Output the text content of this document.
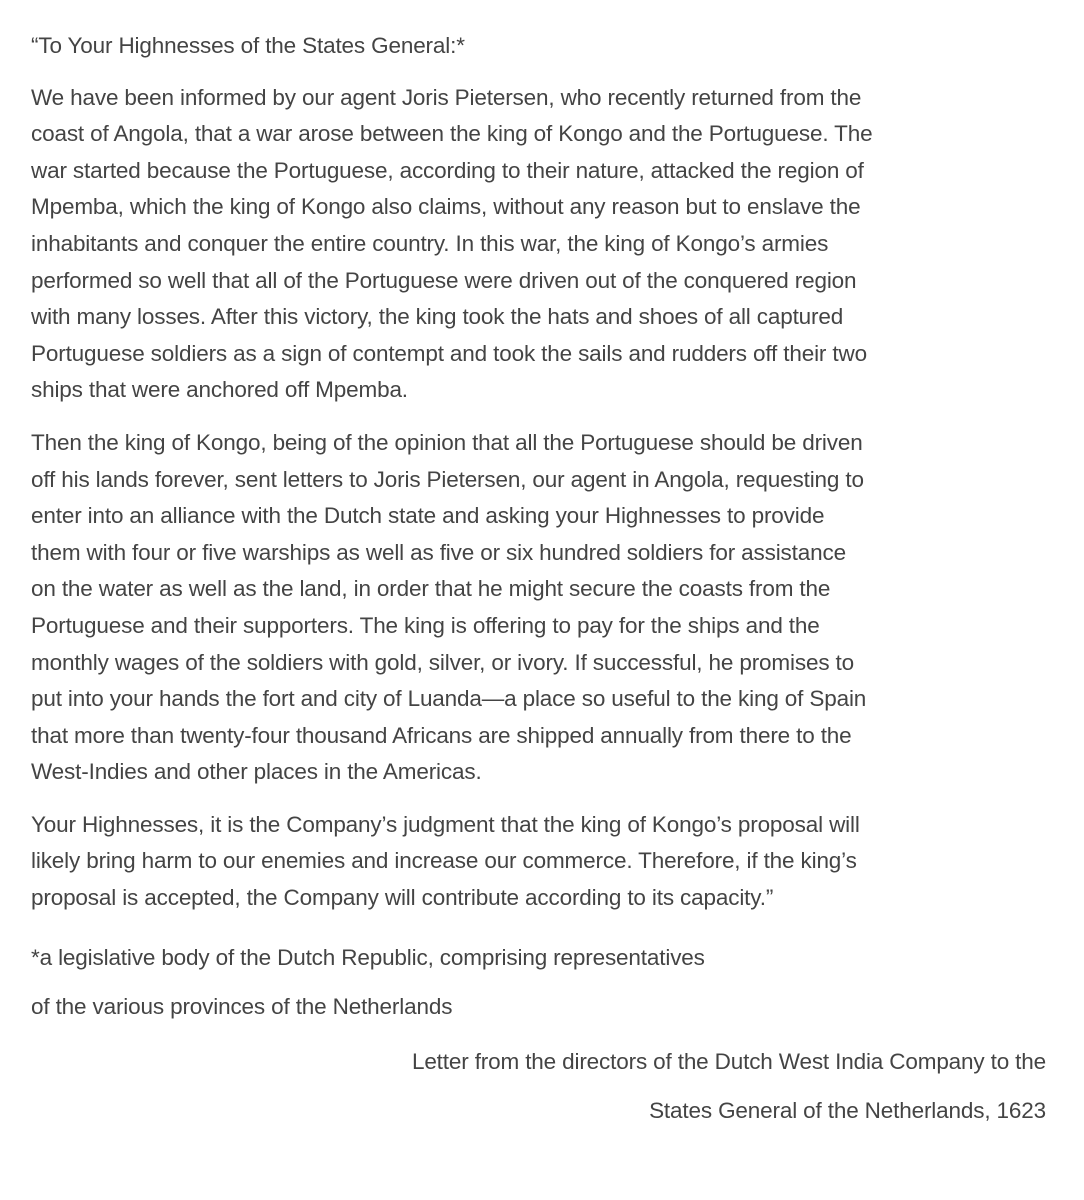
“To Your Highnesses of the States General:*
We have been informed by our agent Joris Pietersen, who recently returned from the
coast of Angola, that a war arose between the king of Kongo and the Portuguese. The
war started because the Portuguese, according to their nature, attacked the region of
Mpemba, which the king of Kongo also claims, without any reason but to enslave the
inhabitants and conquer the entire country. In this war, the king of Kongo’s armies
performed so well that all of the Portuguese were driven out of the conquered region
with many losses. After this victory, the king took the hats and shoes of all captured
Portuguese soldiers as a sign of contempt and took the sails and rudders off their two
ships that were anchored off Mpemba.
Then the king of Kongo, being of the opinion that all the Portuguese should be driven
off his lands forever, sent letters to Joris Pietersen, our agent in Angola, requesting to
enter into an alliance with the Dutch state and asking your Highnesses to provide
them with four or five warships as well as five or six hundred soldiers for assistance
on the water as well as the land, in order that he might secure the coasts from the
Portuguese and their supporters. The king is offering to pay for the ships and the
monthly wages of the soldiers with gold, silver, or ivory. If successful, he promises to
put into your hands the fort and city of Luanda—a place so useful to the king of Spain
that more than twenty-four thousand Africans are shipped annually from there to the
West-Indies and other places in the Americas.
Your Highnesses, it is the Company’s judgment that the king of Kongo’s proposal will
likely bring harm to our enemies and increase our commerce. Therefore, if the king’s
proposal is accepted, the Company will contribute according to its capacity.”
*a legislative body of the Dutch Republic, comprising representatives
of the various provinces of the Netherlands
Letter from the directors of the Dutch West India Company to the
States General of the Netherlands, 1623
